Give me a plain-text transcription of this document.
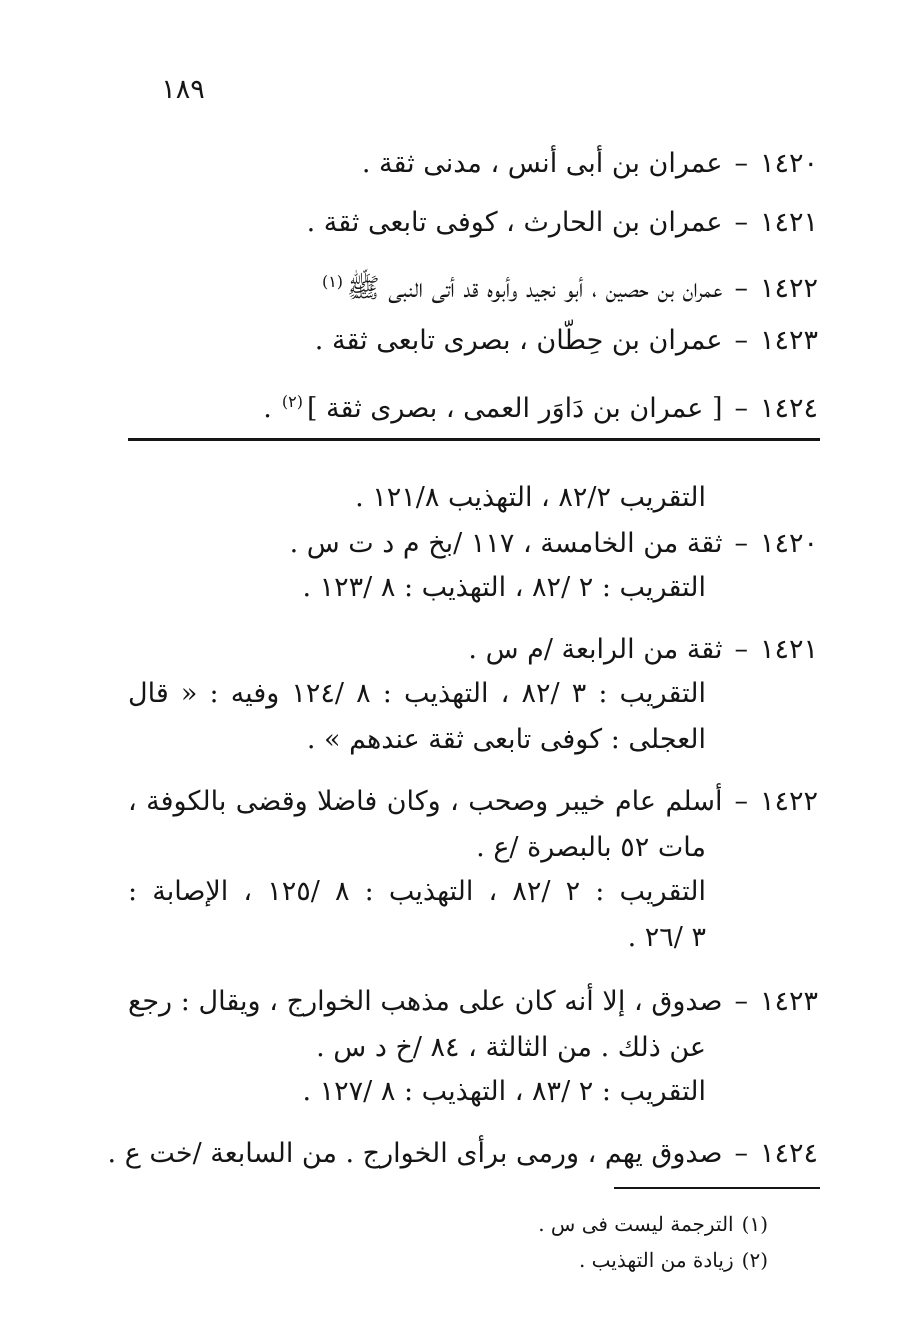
١٨٩
١٤٢٠–عمران بن أبى أنس ، مدنى ثقة .
١٤٢١–عمران بن الحارث ، كوفى تابعى ثقة .
١٤٢٢–عمران بن حصين ، أبو نجيد وأبوه قد أتى النبى ﷺ$^{(١)}$
١٤٢٣–عمران بن حِطّان ، بصرى تابعى ثقة .
١٤٢٤–[ عمران بن دَاوَر العمى ، بصرى ثقة ]$^{(٢)}$.
التقريب ٨٢/٢ ، التهذيب ١٢١/٨ .
١٤٢٠–ثقة من الخامسة ، ١١٧ /بخ م د ت س .
التقريب : ٢ /٨٢ ، التهذيب : ٨ /١٢٣ .
١٤٢١–ثقة من الرابعة /م س .
التقريب : ٣ /٨٢ ، التهذيب : ٨ /١٢٤ وفيه : « قال
العجلى : كوفى تابعى ثقة عندهم » .
١٤٢٢–أسلم عام خيبر وصحب ، وكان فاضلا وقضى بالكوفة ،
مات ٥٢ بالبصرة /ع .
التقريب : ٢ /٨٢ ، التهذيب : ٨ /١٢٥ ، الإصابة :
٣ /٢٦ .
١٤٢٣–صدوق ، إلا أنه كان على مذهب الخوارج ، ويقال : رجع
عن ذلك . من الثالثة ، ٨٤ /خ د س .
التقريب : ٢ /٨٣ ، التهذيب : ٨ /١٢٧ .
١٤٢٤–صدوق يهم ، ورمى برأى الخوارج . من السابعة /خت ع .
(١)الترجمة ليست فى س .
(٢)زيادة من التهذيب .
